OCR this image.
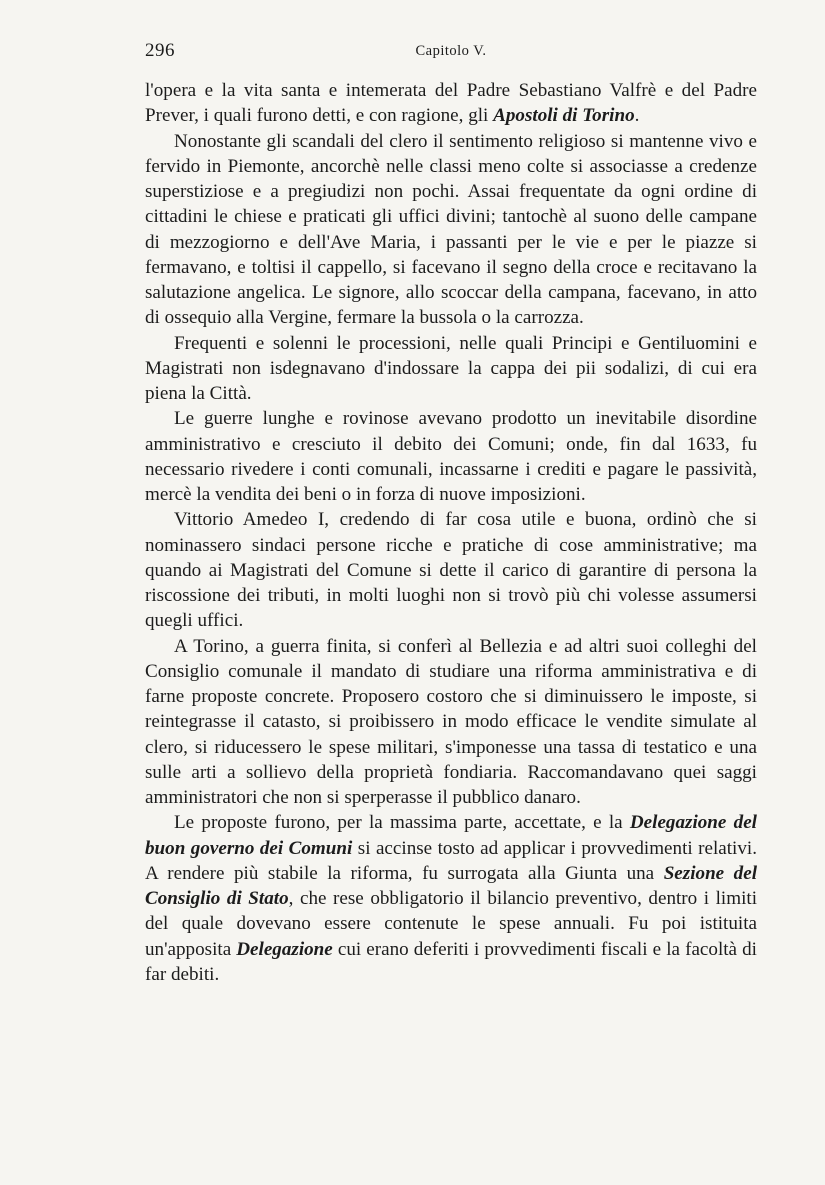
296	Capitolo V.

l'opera e la vita santa e intemerata del Padre Sebastiano Valfrè e del Padre Prever, i quali furono detti, e con ragione, gli Apostoli di Torino.

Nonostante gli scandali del clero il sentimento religioso si mantenne vivo e fervido in Piemonte, ancorchè nelle classi meno colte si associasse a credenze superstiziose e a pregiudizi non pochi. Assai frequentate da ogni ordine di cittadini le chiese e praticati gli uffici divini; tantochè al suono delle campane di mezzogiorno e dell'Ave Maria, i passanti per le vie e per le piazze si fermavano, e toltisi il cappello, si facevano il segno della croce e recitavano la salutazione angelica. Le signore, allo scoccar della campana, facevano, in atto di ossequio alla Vergine, fermare la bussola o la carrozza.

Frequenti e solenni le processioni, nelle quali Principi e Gentiluomini e Magistrati non isdegnavano d'indossare la cappa dei pii sodalizi, di cui era piena la Città.

Le guerre lunghe e rovinose avevano prodotto un inevitabile disordine amministrativo e cresciuto il debito dei Comuni; onde, fin dal 1633, fu necessario rivedere i conti comunali, incassarne i crediti e pagare le passività, mercè la vendita dei beni o in forza di nuove imposizioni.

Vittorio Amedeo I, credendo di far cosa utile e buona, ordinò che si nominassero sindaci persone ricche e pratiche di cose amministrative; ma quando ai Magistrati del Comune si dette il carico di garantire di persona la riscossione dei tributi, in molti luoghi non si trovò più chi volesse assumersi quegli uffici.

A Torino, a guerra finita, si conferì al Bellezia e ad altri suoi colleghi del Consiglio comunale il mandato di studiare una riforma amministrativa e di farne proposte concrete. Proposero costoro che si diminuissero le imposte, si reintegrasse il catasto, si proibissero in modo efficace le vendite simulate al clero, si riducessero le spese militari, s'imponesse una tassa di testatico e una sulle arti a sollievo della proprietà fondiaria. Raccomandavano quei saggi amministratori che non si sperperasse il pubblico danaro.

Le proposte furono, per la massima parte, accettate, e la Delegazione del buon governo dei Comuni si accinse tosto ad applicar i provvedimenti relativi. A rendere più stabile la riforma, fu surrogata alla Giunta una Sezione del Consiglio di Stato, che rese obbligatorio il bilancio preventivo, dentro i limiti del quale dovevano essere contenute le spese annuali. Fu poi istituita un'apposita Delegazione cui erano deferiti i provvedimenti fiscali e la facoltà di far debiti.
